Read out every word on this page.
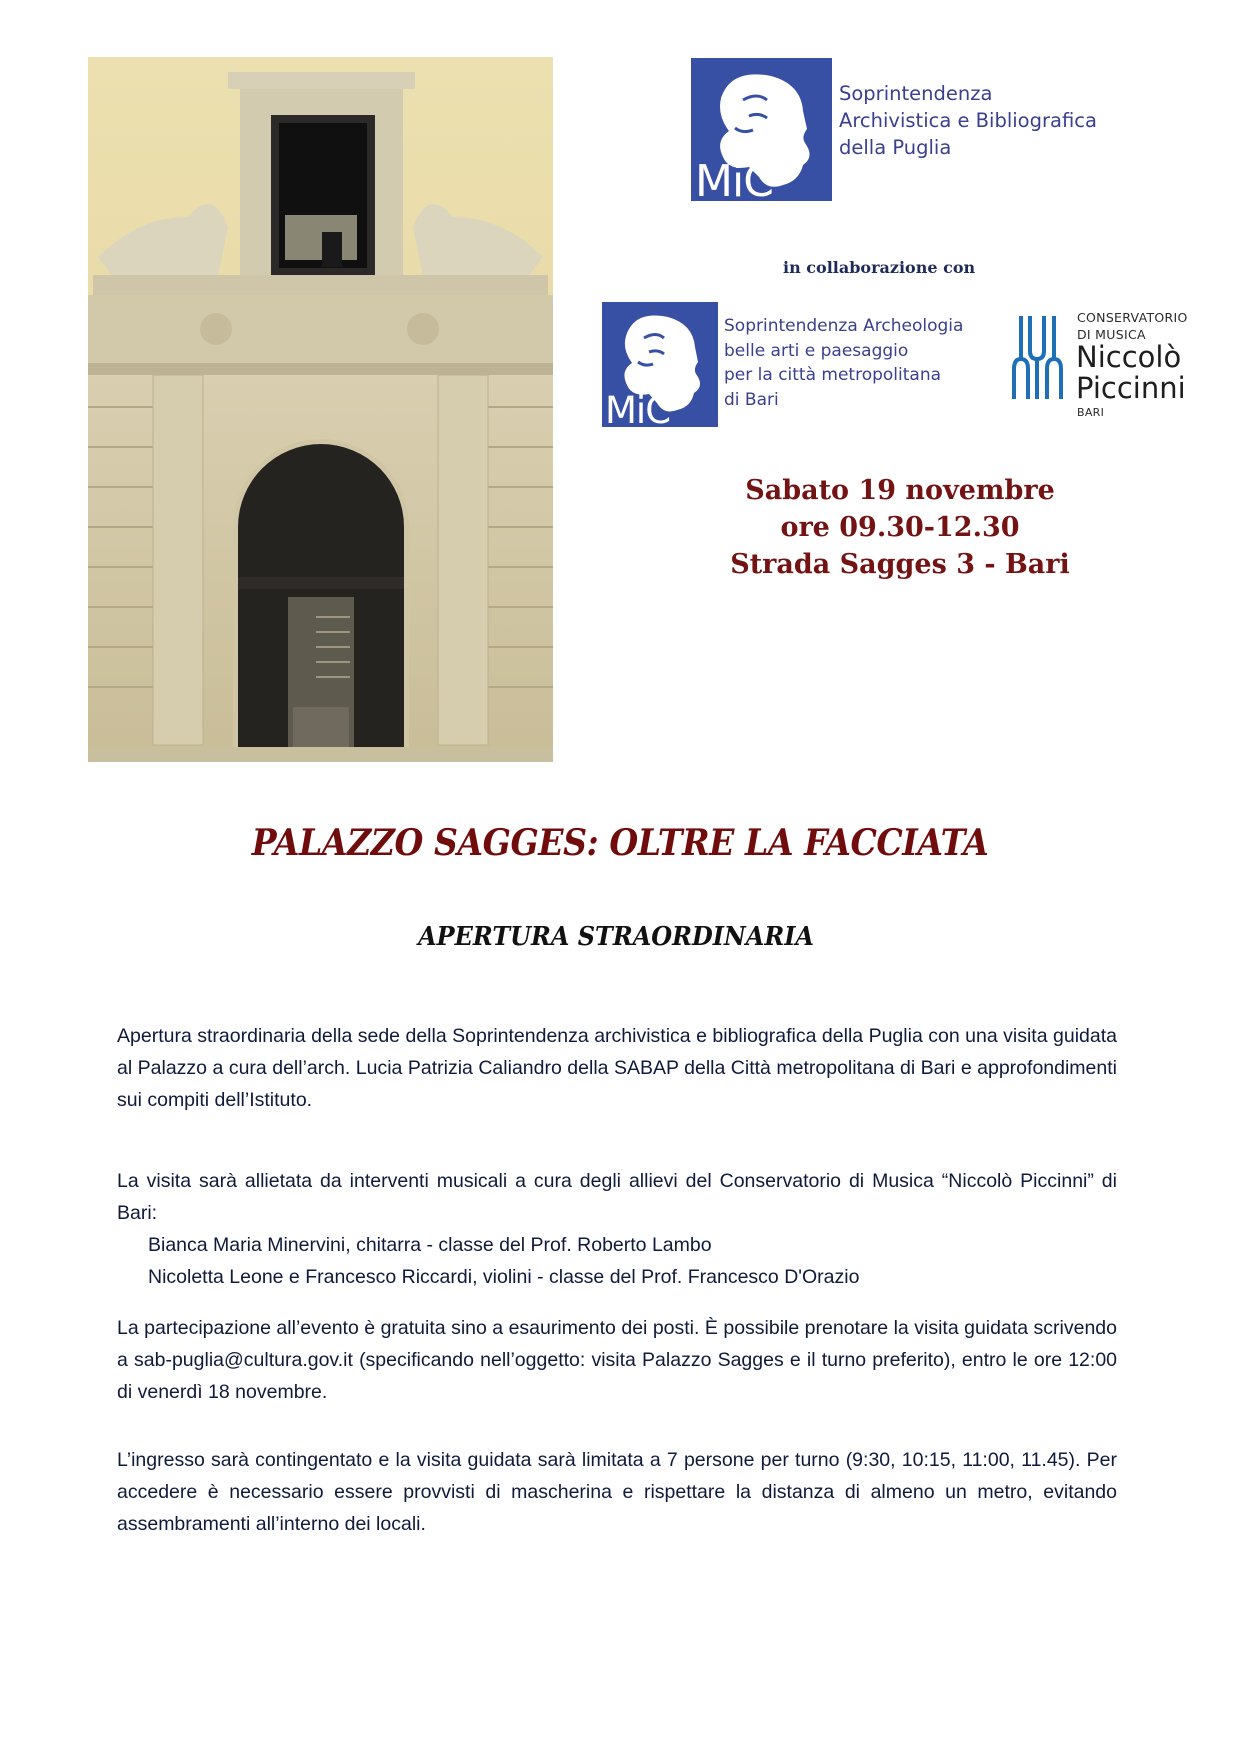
MiC
Soprintendenza
Archivistica e Bibliografica
della Puglia
in collaborazione con
MiC
Soprintendenza Archeologia
belle arti e paesaggio
per la città metropolitana
di Bari
CONSERVATORIO
DI MUSICA
Niccolò
Piccinni
BARI
Sabato 19 novembre
ore 09.30-12.30
Strada Sagges 3 - Bari
PALAZZO SAGGES: OLTRE LA FACCIATA
APERTURA STRAORDINARIA

Apertura straordinaria della sede della Soprintendenza archivistica e bibliografica della Puglia con una visita guidata al Palazzo a cura dell’arch. Lucia Patrizia Caliandro della SABAP della Città metropolitana di Bari e approfondimenti sui compiti dell’Istituto.

La visita sarà allietata da interventi musicali a cura degli allievi del Conservatorio di Musica “Niccolò Piccinni” di Bari:

Bianca Maria Minervini, chitarra - classe del Prof. Roberto Lambo

Nicoletta Leone e Francesco Riccardi, violini - classe del Prof. Francesco D'Orazio

La partecipazione all’evento è gratuita sino a esaurimento dei posti. È possibile prenotare la visita guidata scrivendo a sab-puglia@cultura.gov.it (specificando nell’oggetto: visita Palazzo Sagges e il turno preferito), entro le ore 12:00 di venerdì 18 novembre.

L’ingresso sarà contingentato e la visita guidata sarà limitata a 7 persone per turno (9:30, 10:15, 11:00, 11.45). Per accedere è necessario essere provvisti di mascherina e rispettare la distanza di almeno un metro, evitando assembramenti all’interno dei locali.
